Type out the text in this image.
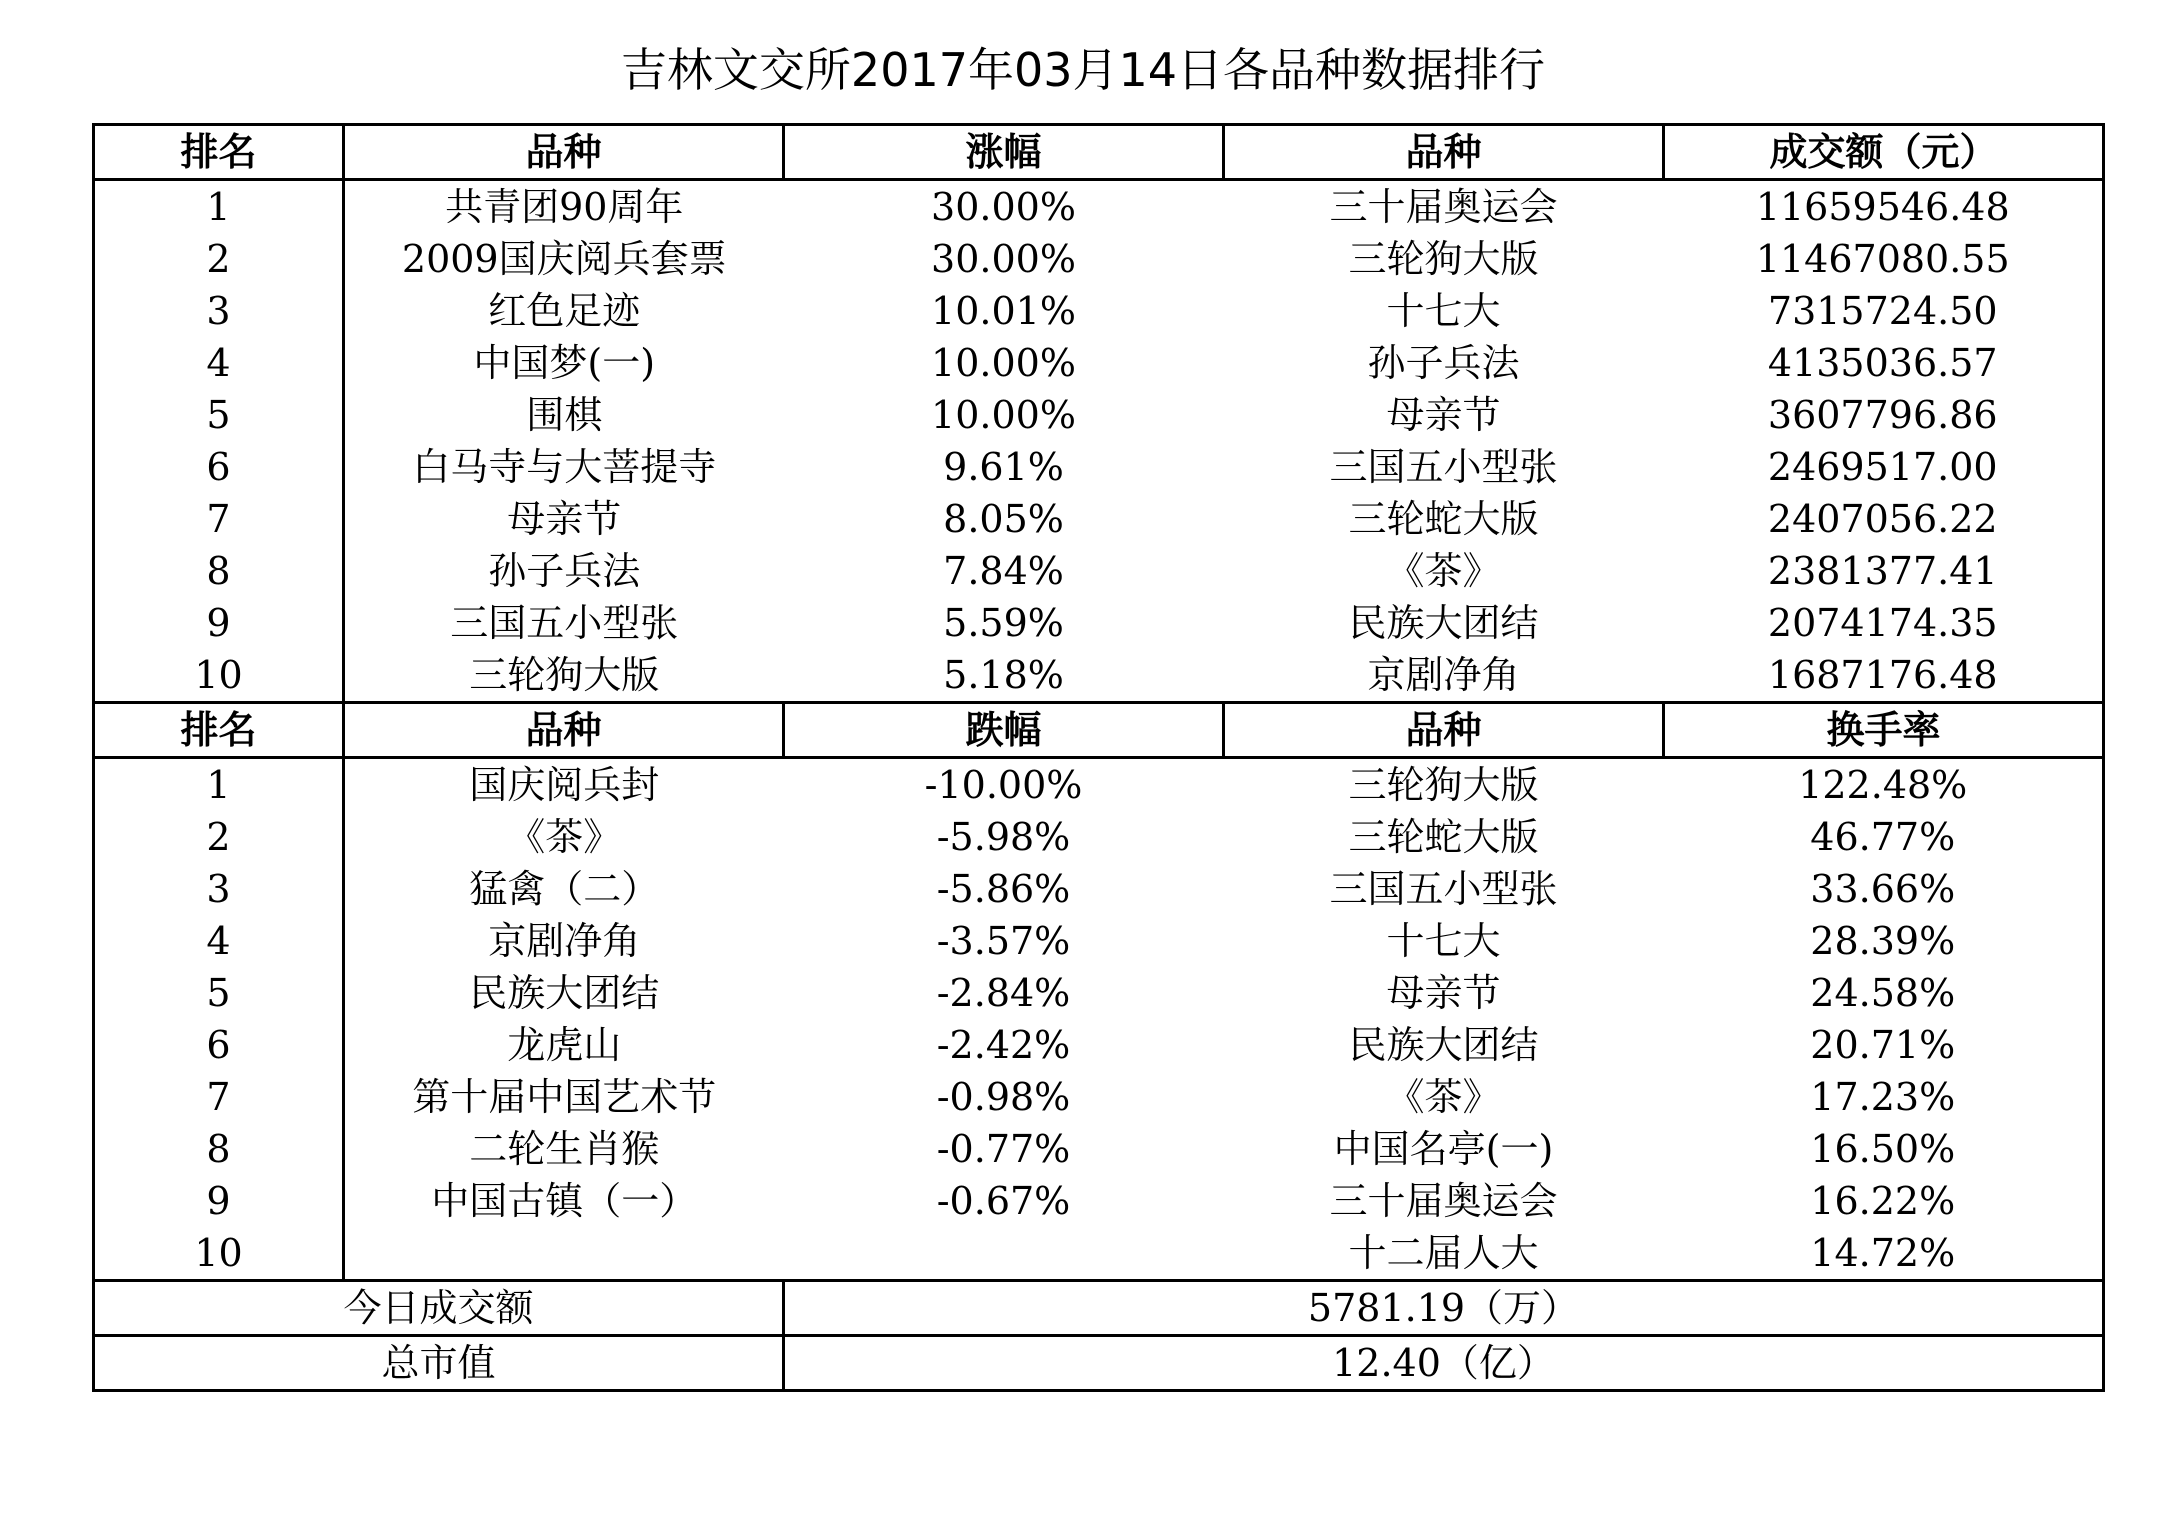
吉林文交所2017年03月14日各品种数据排行
排名	品种	涨幅	品种	成交额（元）
1	共青团90周年	30.00%	三十届奥运会	11659546.48
2	2009国庆阅兵套票	30.00%	三轮狗大版	11467080.55
3	红色足迹	10.01%	十七大	7315724.50
4	中国梦(一)	10.00%	孙子兵法	4135036.57
5	围棋	10.00%	母亲节	3607796.86
6	白马寺与大菩提寺	9.61%	三国五小型张	2469517.00
7	母亲节	8.05%	三轮蛇大版	2407056.22
8	孙子兵法	7.84%	《茶》	2381377.41
9	三国五小型张	5.59%	民族大团结	2074174.35
10	三轮狗大版	5.18%	京剧净角	1687176.48
排名	品种	跌幅	品种	换手率
1	国庆阅兵封	-10.00%	三轮狗大版	122.48%
2	《茶》	-5.98%	三轮蛇大版	46.77%
3	猛禽（二）	-5.86%	三国五小型张	33.66%
4	京剧净角	-3.57%	十七大	28.39%
5	民族大团结	-2.84%	母亲节	24.58%
6	龙虎山	-2.42%	民族大团结	20.71%
7	第十届中国艺术节	-0.98%	《茶》	17.23%
8	二轮生肖猴	-0.77%	中国名亭(一)	16.50%
9	中国古镇（一）	-0.67%	三十届奥运会	16.22%
10			十二届人大	14.72%
今日成交额		5781.19（万）		
总市值		12.40（亿）		
